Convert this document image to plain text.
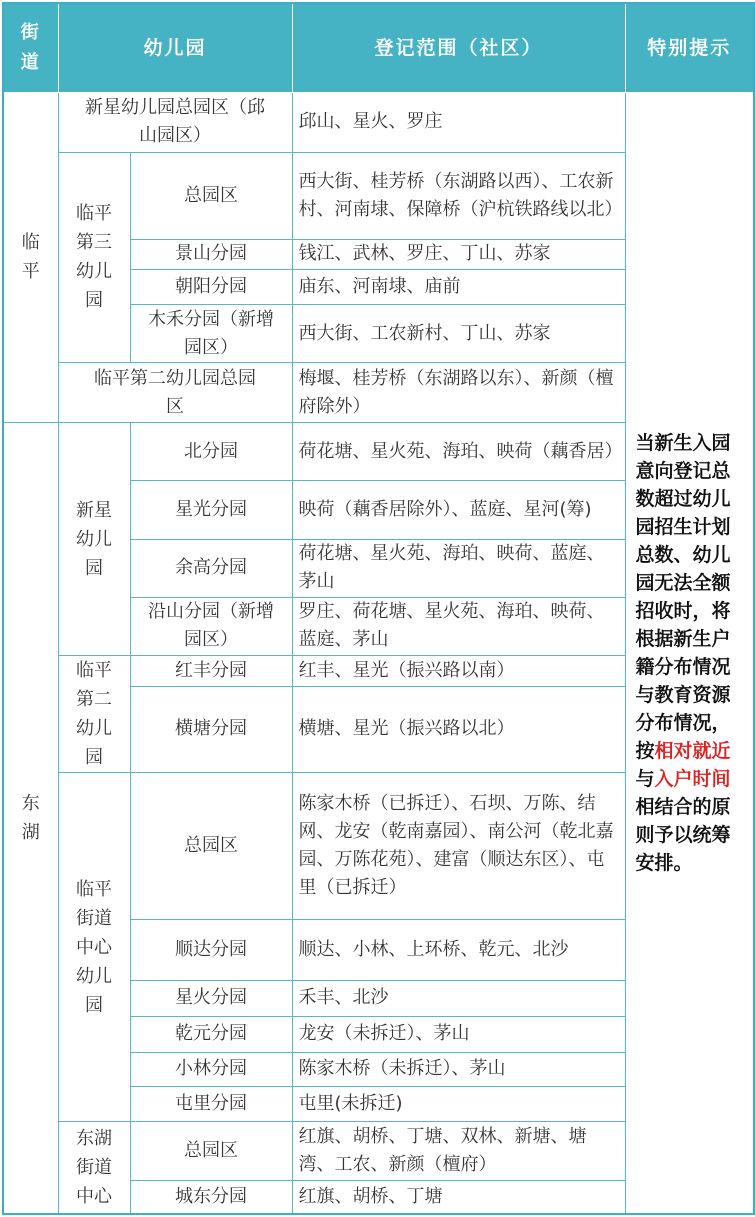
街道	幼儿园		登记范围（社区）	特别提示
临平	新星幼儿园总园区（邱山园区）		邱山、星火、罗庄	当新生入园意向登记总数超过幼儿园招生计划总数、幼儿园无法全额招收时，将根据新生户籍分布情况与教育资源分布情况，按相对就近与入户时间相结合的原则予以统筹安排。
	临平第三幼儿园	总园区	西大街、桂芳桥（东湖路以西）、工农新村、河南埭、保障桥（沪杭铁路线以北）	
		景山分园	钱江、武林、罗庄、丁山、苏家	
		朝阳分园	庙东、河南埭、庙前	
		木禾分园（新增园区）	西大街、工农新村、丁山、苏家	
	临平第二幼儿园总园区		梅堰、桂芳桥（东湖路以东）、新颜（檀府除外）	
东湖	新星幼儿园	北分园	荷花塘、星火苑、海珀、映荷（藕香居）	
		星光分园	映荷（藕香居除外）、蓝庭、星河(筹)	
		余高分园	荷花塘、星火苑、海珀、映荷、蓝庭、茅山	
		沿山分园（新增园区）	罗庄、荷花塘、星火苑、海珀、映荷、蓝庭、茅山	
	临平第二幼儿园	红丰分园	红丰、星光（振兴路以南）	
		横塘分园	横塘、星光（振兴路以北）	
	临平街道中心幼儿园	总园区	陈家木桥（已拆迁）、石坝、万陈、结网、龙安（乾南嘉园）、南公河（乾北嘉园、万陈花苑）、建富（顺达东区）、屯里（已拆迁）	
		顺达分园	顺达、小林、上环桥、乾元、北沙	
		星火分园	禾丰、北沙	
		乾元分园	龙安（未拆迁）、茅山	
		小林分园	陈家木桥（未拆迁）、茅山	
		屯里分园	屯里(未拆迁)	
	东湖街道中心	总园区	红旗、胡桥、丁塘、双林、新塘、塘湾、工农、新颜（檀府）	
		城东分园	红旗、胡桥、丁塘	
